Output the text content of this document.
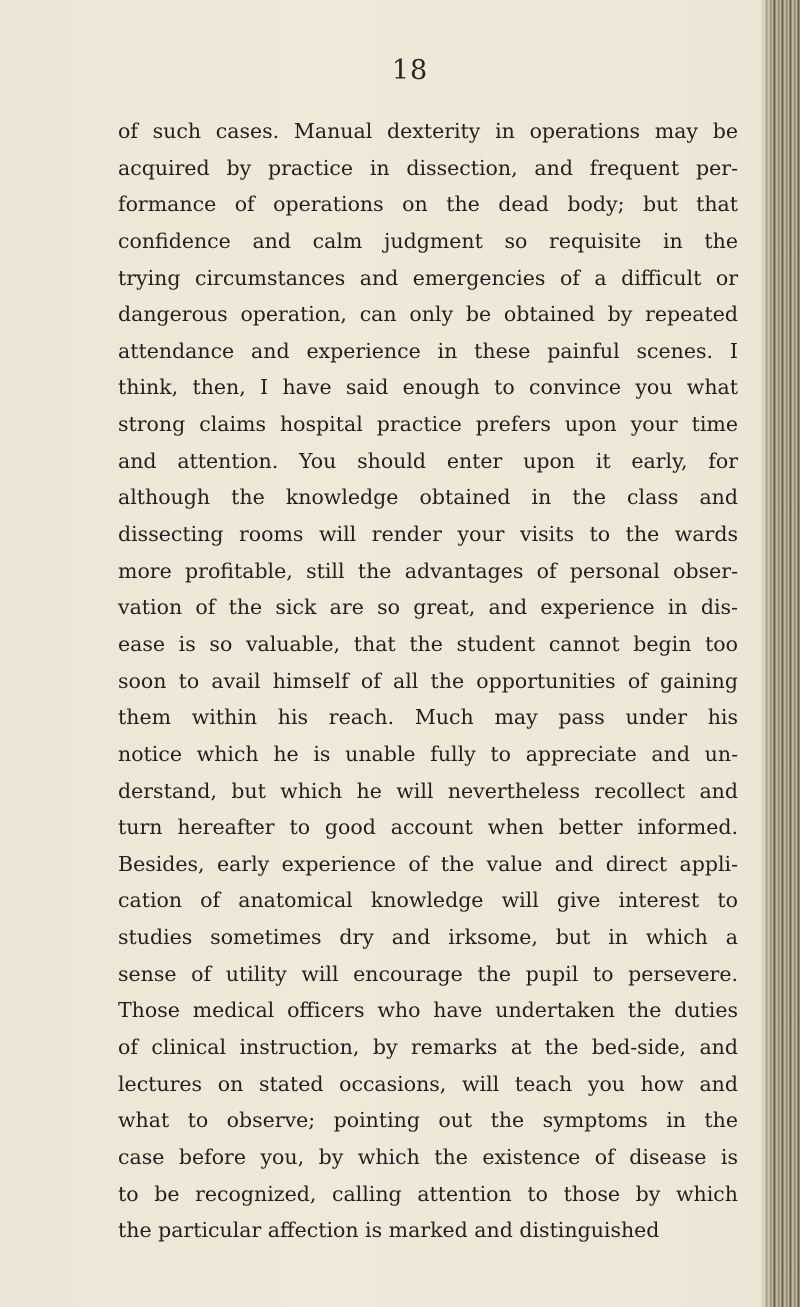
18
of such cases. Manual dexterity in operations may be
acquired by practice in dissection, and frequent per-
formance of operations on the dead body; but that
confidence and calm judgment so requisite in the
trying circumstances and emergencies of a difficult or
dangerous operation, can only be obtained by repeated
attendance and experience in these painful scenes. I
think, then, I have said enough to convince you what
strong claims hospital practice prefers upon your time
and attention. You should enter upon it early, for
although the knowledge obtained in the class and
dissecting rooms will render your visits to the wards
more profitable, still the advantages of personal obser-
vation of the sick are so great, and experience in dis-
ease is so valuable, that the student cannot begin too
soon to avail himself of all the opportunities of gaining
them within his reach. Much may pass under his
notice which he is unable fully to appreciate and un-
derstand, but which he will nevertheless recollect and
turn hereafter to good account when better informed.
Besides, early experience of the value and direct appli-
cation of anatomical knowledge will give interest to
studies sometimes dry and irksome, but in which a
sense of utility will encourage the pupil to persevere.
Those medical officers who have undertaken the duties
of clinical instruction, by remarks at the bed-side, and
lectures on stated occasions, will teach you how and
what to observe; pointing out the symptoms in the
case before you, by which the existence of disease is
to be recognized, calling attention to those by which
the particular affection is marked and distinguished
